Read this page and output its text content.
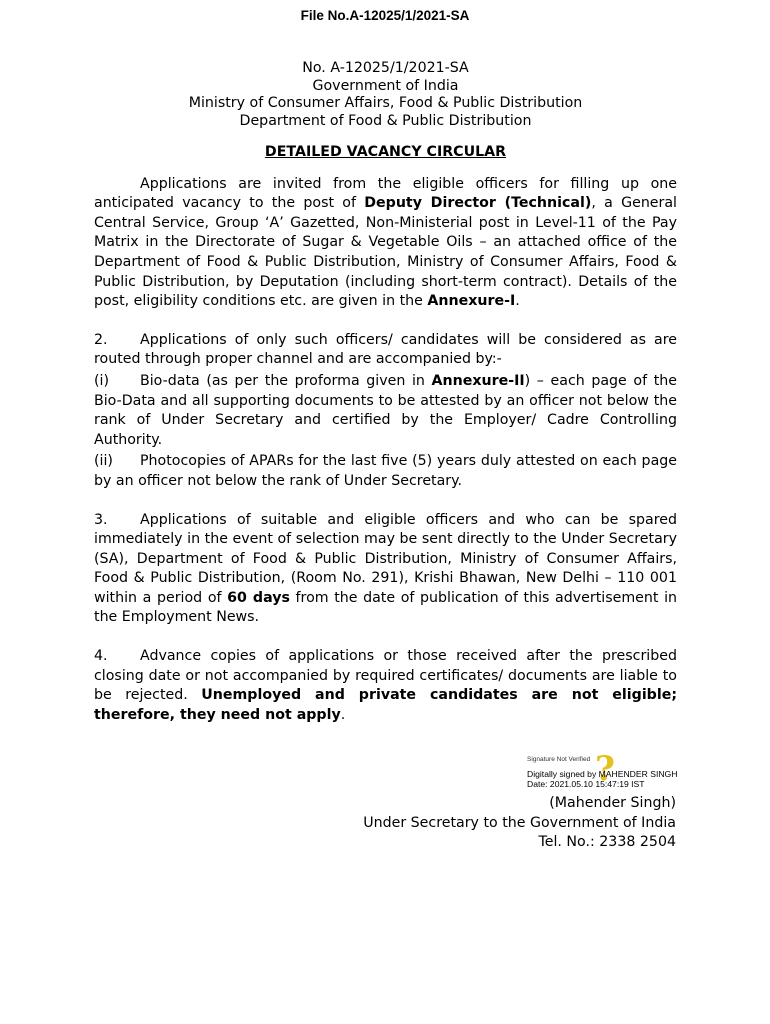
File No.A-12025/1/2021-SA
No. A-12025/1/2021-SA
Government of India
Ministry of Consumer Affairs, Food & Public Distribution
Department of Food & Public Distribution
DETAILED VACANCY CIRCULAR

Applications are invited from the eligible officers for filling up one anticipated vacancy to the post of Deputy Director (Technical), a General Central Service, Group ‘A’ Gazetted, Non-Ministerial post in Level-11 of the Pay Matrix in the Directorate of Sugar & Vegetable Oils – an attached office of the Department of Food & Public Distribution, Ministry of Consumer Affairs, Food & Public Distribution, by Deputation (including short-term contract). Details of the post, eligibility conditions etc. are given in the Annexure-I.

2. Applications of only such officers/ candidates will be considered as are routed through proper channel and are accompanied by:-

(i) Bio-data (as per the proforma given in Annexure-II) – each page of the Bio-Data and all supporting documents to be attested by an officer not below the rank of Under Secretary and certified by the Employer/ Cadre Controlling Authority.

(ii) Photocopies of APARs for the last five (5) years duly attested on each page by an officer not below the rank of Under Secretary.

3. Applications of suitable and eligible officers and who can be spared immediately in the event of selection may be sent directly to the Under Secretary (SA), Department of Food & Public Distribution, Ministry of Consumer Affairs, Food & Public Distribution, (Room No. 291), Krishi Bhawan, New Delhi – 110 001 within a period of 60 days from the date of publication of this advertisement in the Employment News.

4. Advance copies of applications or those received after the prescribed closing date or not accompanied by required certificates/ documents are liable to be rejected. Unemployed and private candidates are not eligible; therefore, they need not apply.

Signature Not Verified ?
Digitally signed by MAHENDER SINGH
Date: 2021.05.10 15:47:19 IST
(Mahender Singh)
Under Secretary to the Government of India
Tel. No.: 2338 2504
